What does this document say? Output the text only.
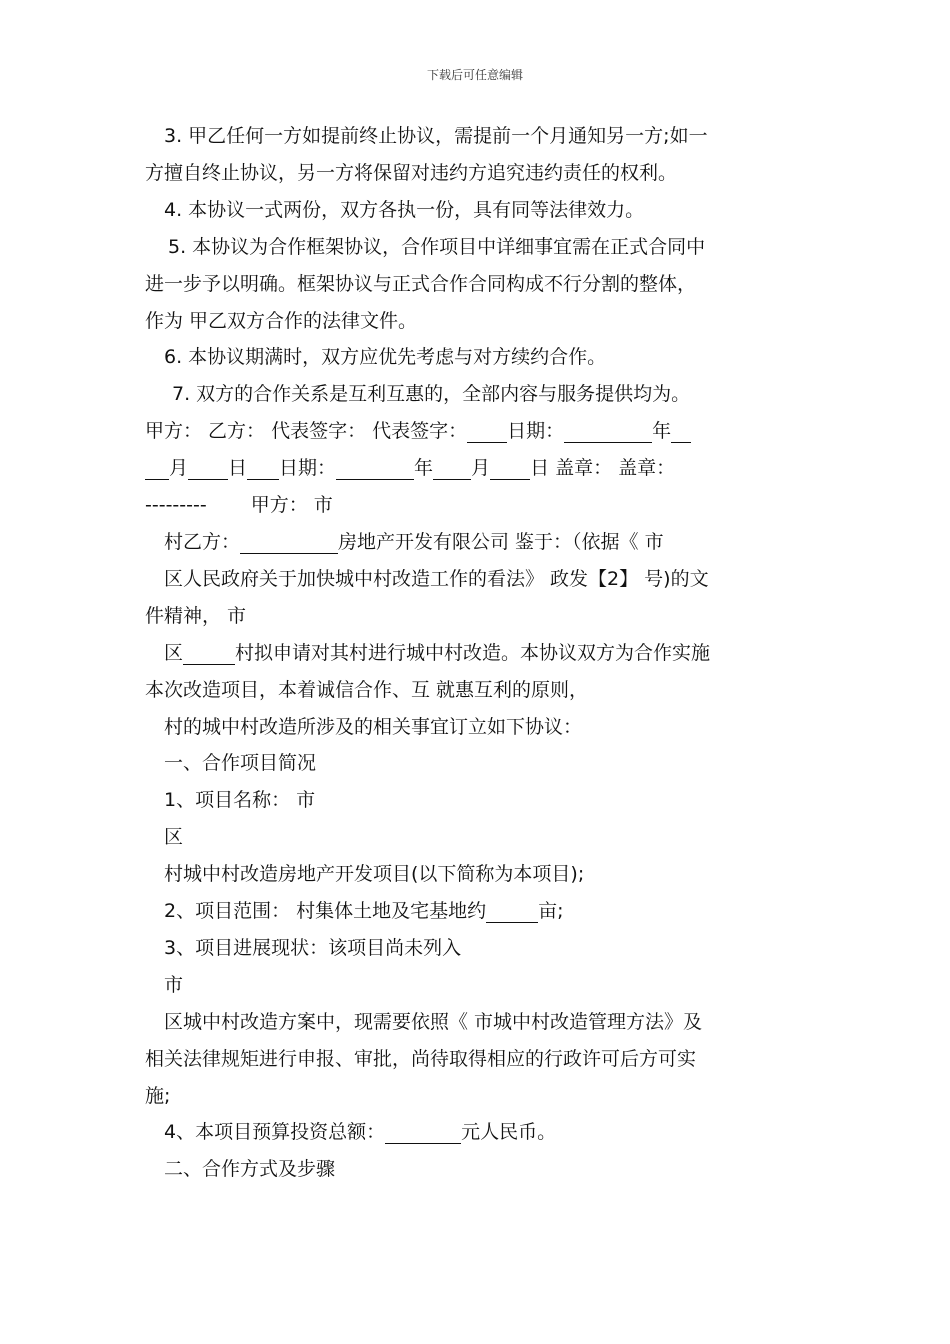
下载后可任意编辑

3. 甲乙任何一方如提前终止协议，需提前一个月通知另一方;如一

方擅自终止协议，另一方将保留对违约方追究违约责任的权利。

4. 本协议一式两份，双方各执一份，具有同等法律效力。

5. 本协议为合作框架协议，合作项目中详细事宜需在正式合同中

进一步予以明确。框架协议与正式合作合同构成不行分割的整体，

作为 甲乙双方合作的法律文件。

6. 本协议期满时，双方应优先考虑与对方续约合作。

7. 双方的合作关系是互利互惠的，全部内容与服务提供均为。

甲方： 乙方： 代表签字： 代表签字： 日期：	年

月 日 日期：	年 月 日 盖章： 盖章：

--------- 甲方： 市

村乙方：	房地产开发有限公司 鉴于：（依据《 市

区人民政府关于加快城中村改造工作的看法》 政发【2】 号)的文

件精神， 市

区	村拟申请对其村进行城中村改造。本协议双方为合作实施

本次改造项目，本着诚信合作、互 就惠互利的原则，

村的城中村改造所涉及的相关事宜订立如下协议：

一、合作项目简况

1、项目名称： 市

区

村城中村改造房地产开发项目(以下简称为本项目);

2、项目范围： 村集体土地及宅基地约	亩;

3、项目进展现状：该项目尚未列入

市

区城中村改造方案中，现需要依照《 市城中村改造管理方法》及

相关法律规矩进行申报、审批，尚待取得相应的行政许可后方可实

施;

4、本项目预算投资总额：	元人民币。

二、合作方式及步骤
